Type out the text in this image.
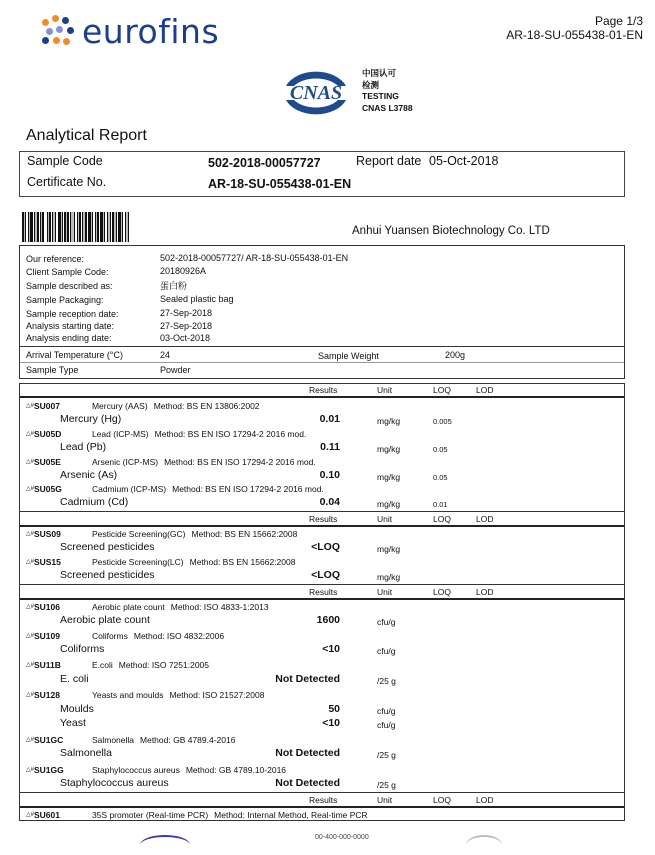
eurofins	Page 1/3
AR-18-SU-055438-01-EN
CNAS
中国认可
检测
TESTING
CNAS L3788
Analytical Report
Sample Code	502-2018-00057727	Report date 05-Oct-2018
Certificate No.	AR-18-SU-055438-01-EN
Anhui Yuansen Biotechnology Co. LTD
Our reference:	502-2018-00057727/ AR-18-SU-055438-01-EN
Client Sample Code:	20180926A
Sample described as:	蛋白粉
Sample Packaging:	Sealed plastic bag
Sample reception date:	27-Sep-2018
Analysis starting date:	27-Sep-2018
Analysis ending date:	03-Oct-2018
Arrival Temperature (°C)	24	Sample Weight	200g
Sample Type	Powder
Results	Unit	LOQ	LOD
△#SU007	Mercury (AAS) Method: BS EN 13806:2002
Mercury (Hg)	0.01	mg/kg	0.005
△#SU05D	Lead (ICP-MS) Method: BS EN ISO 17294-2 2016 mod.
Lead (Pb)	0.11	mg/kg	0.05
△#SU05E	Arsenic (ICP-MS) Method: BS EN ISO 17294-2 2016 mod.
Arsenic (As)	0.10	mg/kg	0.05
△#SU05G	Cadmium (ICP-MS) Method: BS EN ISO 17294-2 2016 mod.
Cadmium (Cd)	0.04	mg/kg	0.01
Results	Unit	LOQ	LOD
△#SUS09	Pesticide Screening(GC) Method: BS EN 15662:2008
Screened pesticides	<LOQ	mg/kg
△#SUS15	Pesticide Screening(LC) Method: BS EN 15662:2008
Screened pesticides	<LOQ	mg/kg
Results	Unit	LOQ	LOD
△#SU106	Aerobic plate count Method: ISO 4833-1:2013
Aerobic plate count	1600	cfu/g
△#SU109	Coliforms Method: ISO 4832:2006
Coliforms	<10	cfu/g
△#SU11B	E.coli Method: ISO 7251:2005
E. coli	Not Detected	/25 g
△#SU128	Yeasts and moulds Method: ISO 21527:2008
Moulds	50	cfu/g
Yeast	<10	cfu/g
△#SU1GC	Salmonella Method: GB 4789.4-2016
Salmonella	Not Detected	/25 g
△#SU1GG	Staphylococcus aureus Method: GB 4789.10-2016
Staphylococcus aureus	Not Detected	/25 g
Results	Unit	LOQ	LOD
△#SU601	35S promoter (Real-time PCR) Method: Internal Method, Real-time PCR
00-400-000-0000
